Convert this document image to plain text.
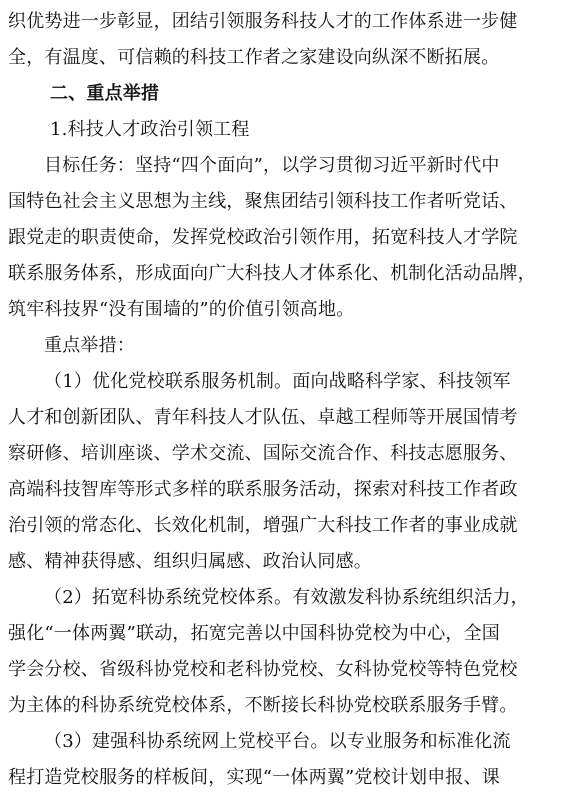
织优势进一步彰显，团结引领服务科技人才的工作体系进一步健
全，有温度、可信赖的科技工作者之家建设向纵深不断拓展。
二、重点举措
1.科技人才政治引领工程
目标任务：坚持“四个面向”，以学习贯彻习近平新时代中
国特色社会主义思想为主线，聚焦团结引领科技工作者听党话、
跟党走的职责使命，发挥党校政治引领作用，拓宽科技人才学院
联系服务体系，形成面向广大科技人才体系化、机制化活动品牌，
筑牢科技界“没有围墙的”的价值引领高地。
重点举措：
（1）优化党校联系服务机制。面向战略科学家、科技领军
人才和创新团队、青年科技人才队伍、卓越工程师等开展国情考
察研修、培训座谈、学术交流、国际交流合作、科技志愿服务、
高端科技智库等形式多样的联系服务活动，探索对科技工作者政
治引领的常态化、长效化机制，增强广大科技工作者的事业成就
感、精神获得感、组织归属感、政治认同感。
（2）拓宽科协系统党校体系。有效激发科协系统组织活力，
强化“一体两翼”联动，拓宽完善以中国科协党校为中心，全国
学会分校、省级科协党校和老科协党校、女科协党校等特色党校
为主体的科协系统党校体系，不断接长科协党校联系服务手臂。
（3）建强科协系统网上党校平台。以专业服务和标准化流
程打造党校服务的样板间，实现“一体两翼”党校计划申报、课
